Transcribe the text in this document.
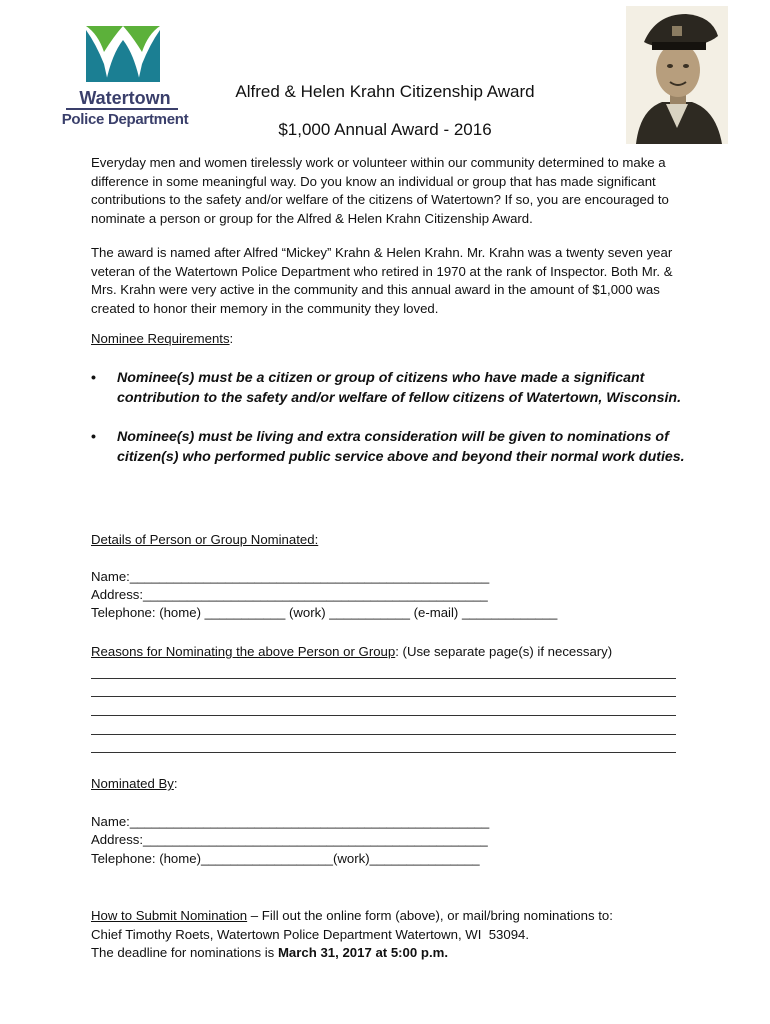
Watertown
Police Department
Alfred & Helen Krahn Citizenship Award
$1,000 Annual Award - 2016
Everyday men and women tirelessly work or volunteer within our community determined to make a difference in some meaningful way. Do you know an individual or group that has made significant contributions to the safety and/or welfare of the citizens of Watertown? If so, you are encouraged to nominate a person or group for the Alfred & Helen Krahn Citizenship Award.
The award is named after Alfred “Mickey” Krahn & Helen Krahn. Mr. Krahn was a twenty seven year veteran of the Watertown Police Department who retired in 1970 at the rank of Inspector. Both Mr. & Mrs. Krahn were very active in the community and this annual award in the amount of $1,000 was created to honor their memory in the community they loved.
Nominee Requirements:
• Nominee(s) must be a citizen or group of citizens who have made a significant contribution to the safety and/or welfare of fellow citizens of Watertown, Wisconsin.
• Nominee(s) must be living and extra consideration will be given to nominations of citizen(s) who performed public service above and beyond their normal work duties.
Details of Person or Group Nominated:
Name:_________________________________________________
Address:_______________________________________________
Telephone: (home) ___________ (work) ___________ (e-mail) _____________
Reasons for Nominating the above Person or Group: (Use separate page(s) if necessary)
Nominated By:
Name:_________________________________________________
Address:_______________________________________________
Telephone: (home)__________________(work)_______________
How to Submit Nomination – Fill out the online form (above), or mail/bring nominations to:
Chief Timothy Roets, Watertown Police Department Watertown, WI  53094.
The deadline for nominations is March 31, 2017 at 5:00 p.m.
